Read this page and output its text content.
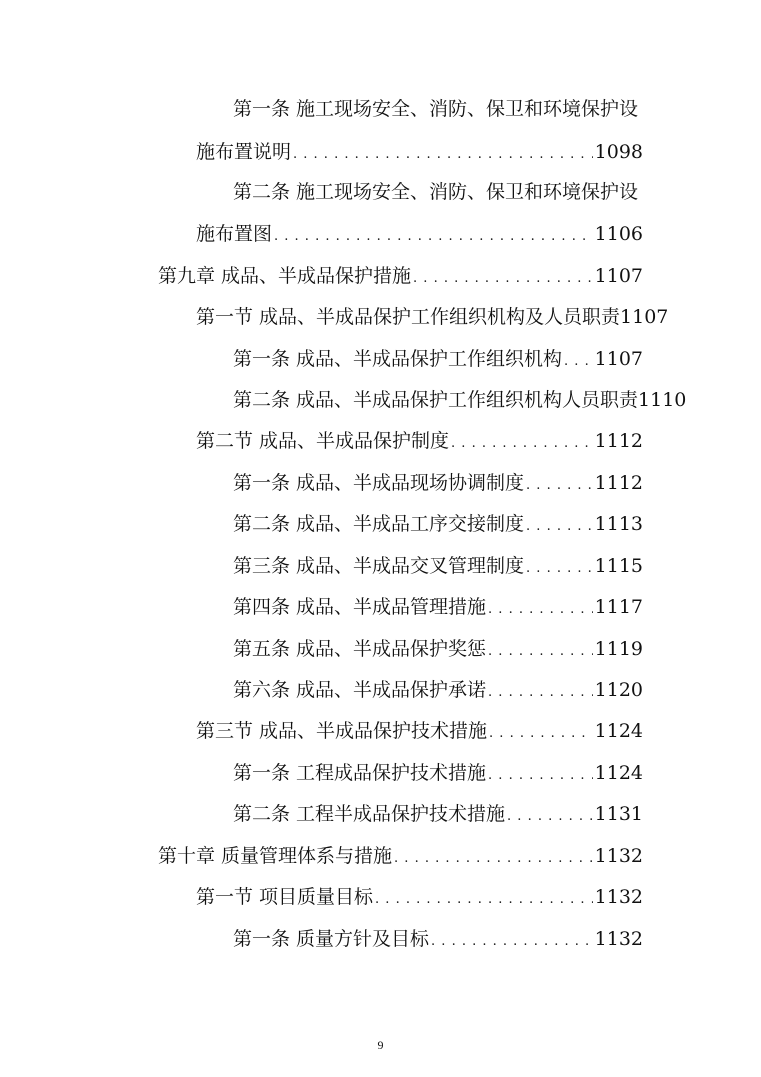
第一条 施工现场安全、消防、保卫和环境保护设
施布置说明 . . .	1098
第二条 施工现场安全、消防、保卫和环境保护设
施布置图 . . .	1106
第九章 成品、半成品保护措施 . . .	1107
第一节 成品、半成品保护工作组织机构及人员职责 1107
第一条 成品、半成品保护工作组织机构 . . . 1107
第二条 成品、半成品保护工作组织机构人员职责 1110
第二节 成品、半成品保护制度 . . .	1112
第一条 成品、半成品现场协调制度 . . .	1112
第二条 成品、半成品工序交接制度 . . .	1113
第三条 成品、半成品交叉管理制度 . . .	1115
第四条 成品、半成品管理措施 . . .	1117
第五条 成品、半成品保护奖惩 . . .	1119
第六条 成品、半成品保护承诺 . . .	1120
第三节 成品、半成品保护技术措施 . . .	1124
第一条 工程成品保护技术措施 . . .	1124
第二条 工程半成品保护技术措施 . . .	1131
第十章 质量管理体系与措施 . . .	1132
第一节 项目质量目标 . . .	1132
第一条 质量方针及目标 . . .	1132
9
